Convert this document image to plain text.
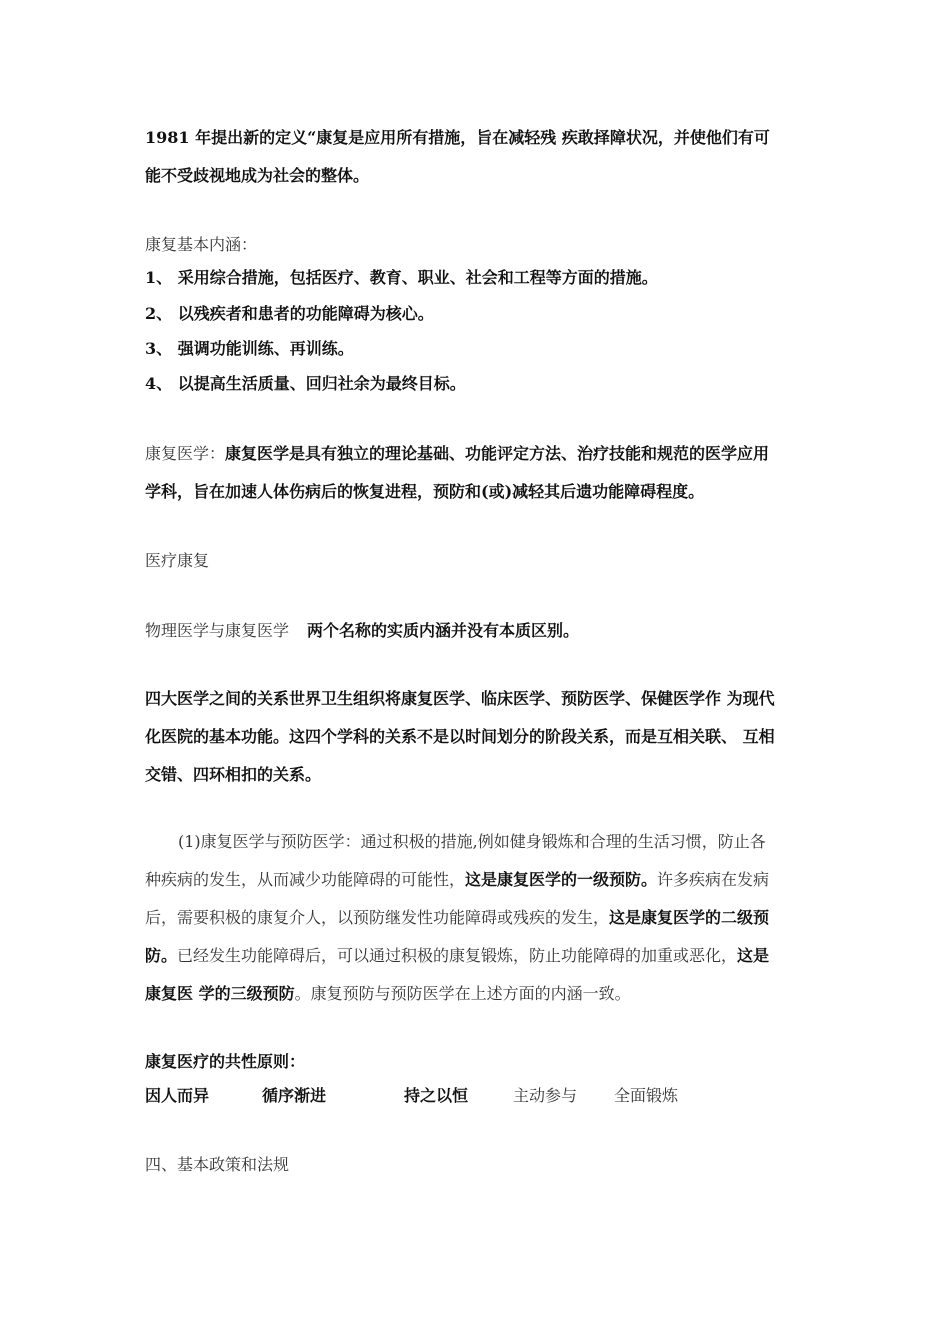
1981 年提出新的定义“康复是应用所有措施，旨在减轻残 疾敢择障状况，并使他们有可
能不受歧视地成为社会的整体。
康复基本内涵：
1、 采用综合措施，包括医疗、教育、职业、社会和工程等方面的措施。
2、 以残疾者和患者的功能障碍为核心。
3、 强调功能训练、再训练。
4、 以提高生活质量、回归社余为最终目标。
康复医学：康复医学是具有独立的理论基础、功能评定方法、治疗技能和规范的医学应用
学科，旨在加速人体伤病后的恢复进程，预防和(或)减轻其后遗功能障碍程度。
医疗康复
物理医学与康复医学 两个名称的实质内涵并没有本质区别。
四大医学之间的关系世界卫生组织将康复医学、临床医学、预防医学、保健医学作 为现代
化医院的基本功能。这四个学科的关系不是以时间划分的阶段关系，而是互相关联、 互相
交错、四环相扣的关系。
(1)康复医学与预防医学：通过积极的措施,例如健身锻炼和合理的生活习惯，防止各
种疾病的发生，从而减少功能障碍的可能性，这是康复医学的一级预防。许多疾病在发病
后，需要积极的康复介人，以预防继发性功能障碍或残疾的发生，这是康复医学的二级预
防。已经发生功能障碍后，可以通过积极的康复锻炼，防止功能障碍的加重或恶化，这是
康复医 学的三级预防。康复预防与预防医学在上述方面的内涵一致。
康复医疗的共性原则：
因人而异	循序渐进	持之以恒	主动参与 全面锻炼
四、基本政策和法规
